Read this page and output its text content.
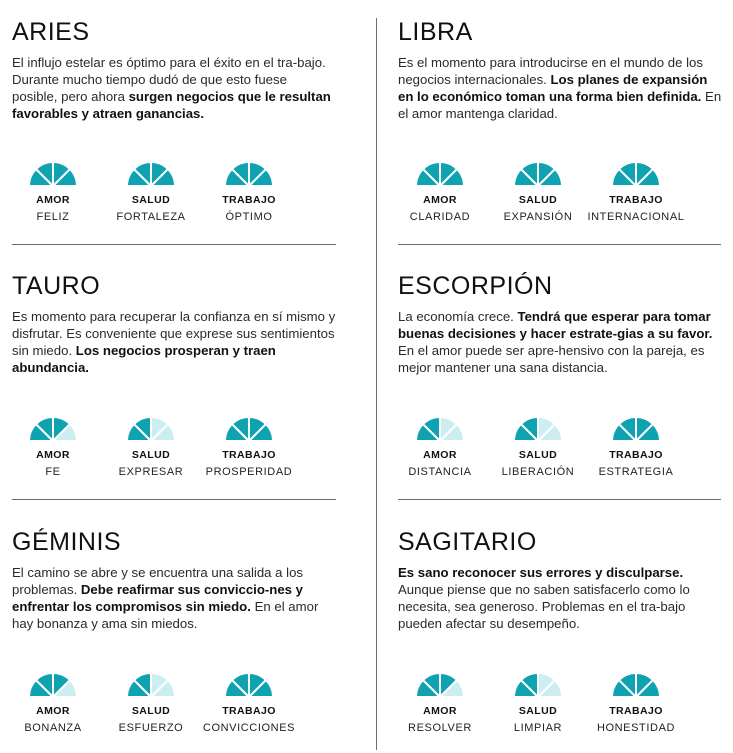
ARIES

El influjo estelar es óptimo para el éxito en el tra-bajo. Durante mucho tiempo dudó de que esto fuese posible, pero ahora surgen negocios que le resultan favorables y atraen ganancias.

AMOR
FELIZ
SALUD
FORTALEZA
TRABAJO
ÓPTIMO
TAURO

Es momento para recuperar la confianza en sí mismo y disfrutar. Es conveniente que exprese sus sentimientos sin miedo. Los negocios prosperan y traen abundancia.

AMOR
FE
SALUD
EXPRESAR
TRABAJO
PROSPERIDAD
GÉMINIS

El camino se abre y se encuentra una salida a los problemas. Debe reafirmar sus conviccio-nes y enfrentar los compromisos sin miedo. En el amor hay bonanza y ama sin miedos.

AMOR
BONANZA
SALUD
ESFUERZO
TRABAJO
CONVICCIONES
LIBRA

Es el momento para introducirse en el mundo de los negocios internacionales. Los planes de expansión en lo económico toman una forma bien definida. En el amor mantenga claridad.

AMOR
CLARIDAD
SALUD
EXPANSIÓN
TRABAJO
INTERNACIONAL
ESCORPIÓN

La economía crece. Tendrá que esperar para tomar buenas decisiones y hacer estrate-gias a su favor. En el amor puede ser apre-hensivo con la pareja, es mejor mantener una sana distancia.

AMOR
DISTANCIA
SALUD
LIBERACIÓN
TRABAJO
ESTRATEGIA
SAGITARIO

Es sano reconocer sus errores y disculparse. Aunque piense que no saben satisfacerlo como lo necesita, sea generoso. Problemas en el tra-bajo pueden afectar su desempeño.

AMOR
RESOLVER
SALUD
LIMPIAR
TRABAJO
HONESTIDAD
